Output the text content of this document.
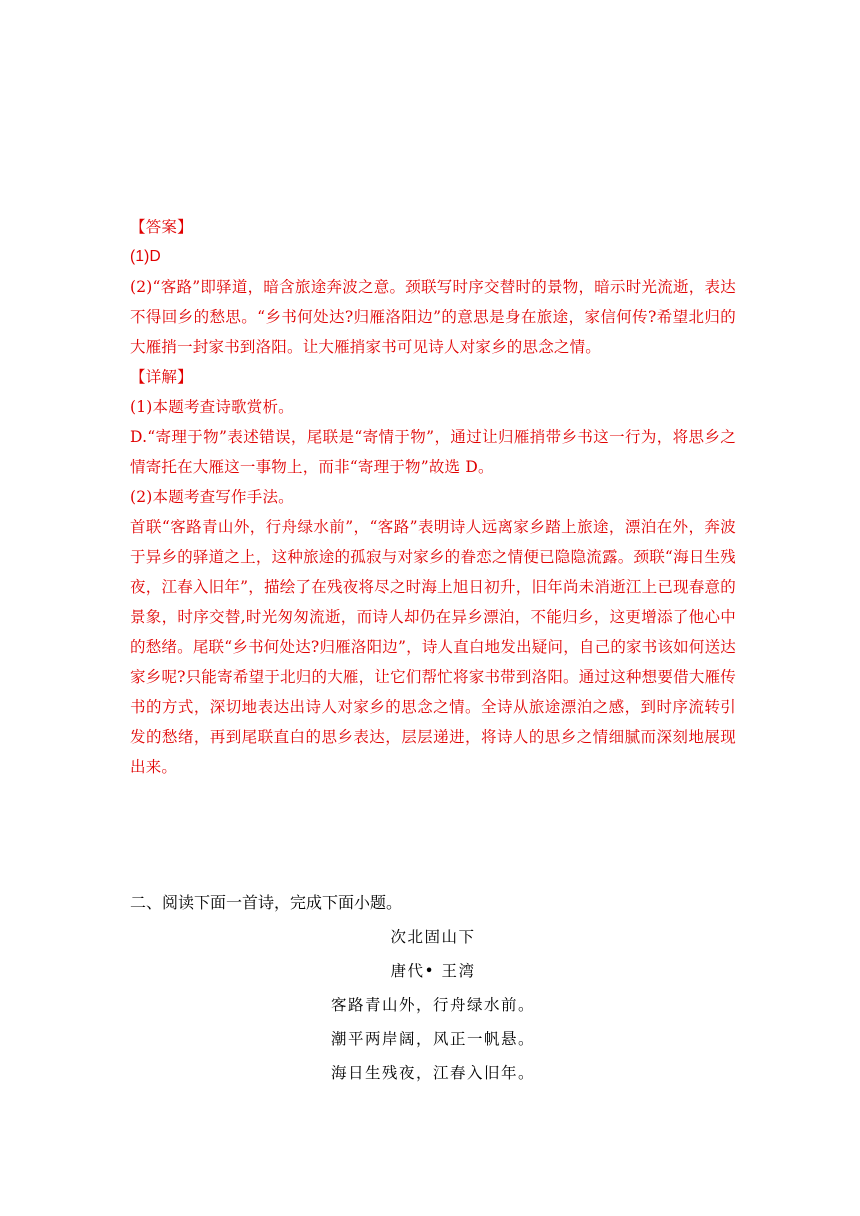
【答案】

(1)D

(2)“客路”即驿道，暗含旅途奔波之意。颈联写时序交替时的景物，暗示时光流逝，表达不得回乡的愁思。“乡书何处达?归雁洛阳边”的意思是身在旅途，家信何传?希望北归的大雁捎一封家书到洛阳。让大雁捎家书可见诗人对家乡的思念之情。

【详解】

(1)本题考查诗歌赏析。

D.“寄理于物”表述错误，尾联是“寄情于物”，通过让归雁捎带乡书这一行为，将思乡之情寄托在大雁这一事物上，而非“寄理于物”故选 D。

(2)本题考查写作手法。

首联“客路青山外，行舟绿水前”，“客路”表明诗人远离家乡踏上旅途，漂泊在外，奔波于异乡的驿道之上，这种旅途的孤寂与对家乡的眷恋之情便已隐隐流露。颈联“海日生残夜，江春入旧年”，描绘了在残夜将尽之时海上旭日初升，旧年尚未消逝江上已现春意的景象，时序交替,时光匆匆流逝，而诗人却仍在异乡漂泊，不能归乡，这更增添了他心中的愁绪。尾联“乡书何处达?归雁洛阳边”，诗人直白地发出疑问，自己的家书该如何送达家乡呢?只能寄希望于北归的大雁，让它们帮忙将家书带到洛阳。通过这种想要借大雁传书的方式，深切地表达出诗人对家乡的思念之情。全诗从旅途漂泊之感，到时序流转引发的愁绪，再到尾联直白的思乡表达，层层递进，将诗人的思乡之情细腻而深刻地展现出来。

二、阅读下面一首诗，完成下面小题。

次北固山下

唐代• 王湾

客路青山外，行舟绿水前。

潮平两岸阔，风正一帆悬。

海日生残夜，江春入旧年。
